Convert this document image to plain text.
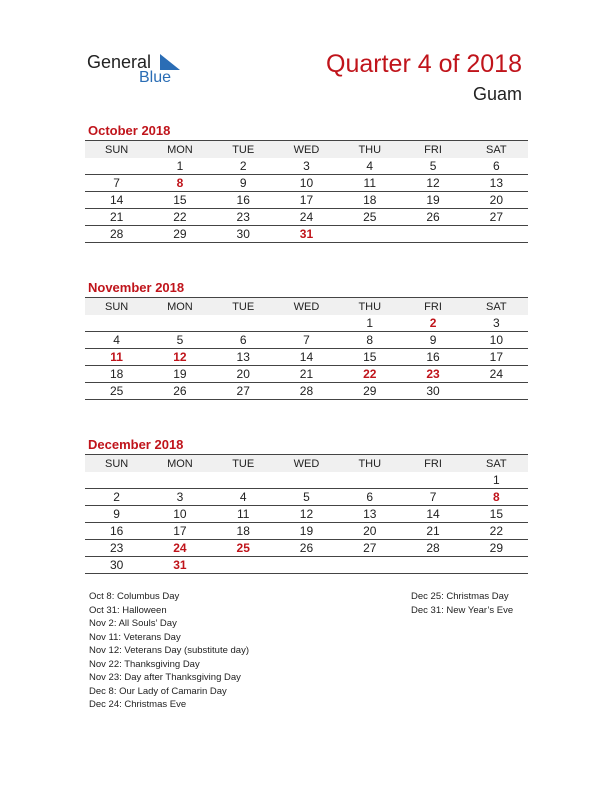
General
Blue	Quarter 4 of 2018
Guam
October 2018
SUN	MON	TUE	WED	THU	FRI	SAT
	1	2	3	4	5	6
7	8	9	10	11	12	13
14	15	16	17	18	19	20
21	22	23	24	25	26	27
28	29	30	31			
November 2018
SUN	MON	TUE	WED	THU	FRI	SAT
				1	2	3
4	5	6	7	8	9	10
11	12	13	14	15	16	17
18	19	20	21	22	23	24
25	26	27	28	29	30	
December 2018
SUN	MON	TUE	WED	THU	FRI	SAT
						1
2	3	4	5	6	7	8
9	10	11	12	13	14	15
16	17	18	19	20	21	22
23	24	25	26	27	28	29
30	31					
Oct 8: Columbus Day
Oct 31: Halloween
Nov 2: All Souls’ Day
Nov 11: Veterans Day
Nov 12: Veterans Day (substitute day)
Nov 22: Thanksgiving Day
Nov 23: Day after Thanksgiving Day
Dec 8: Our Lady of Camarin Day
Dec 24: Christmas Eve
Dec 25: Christmas Day
Dec 31: New Year’s Eve
